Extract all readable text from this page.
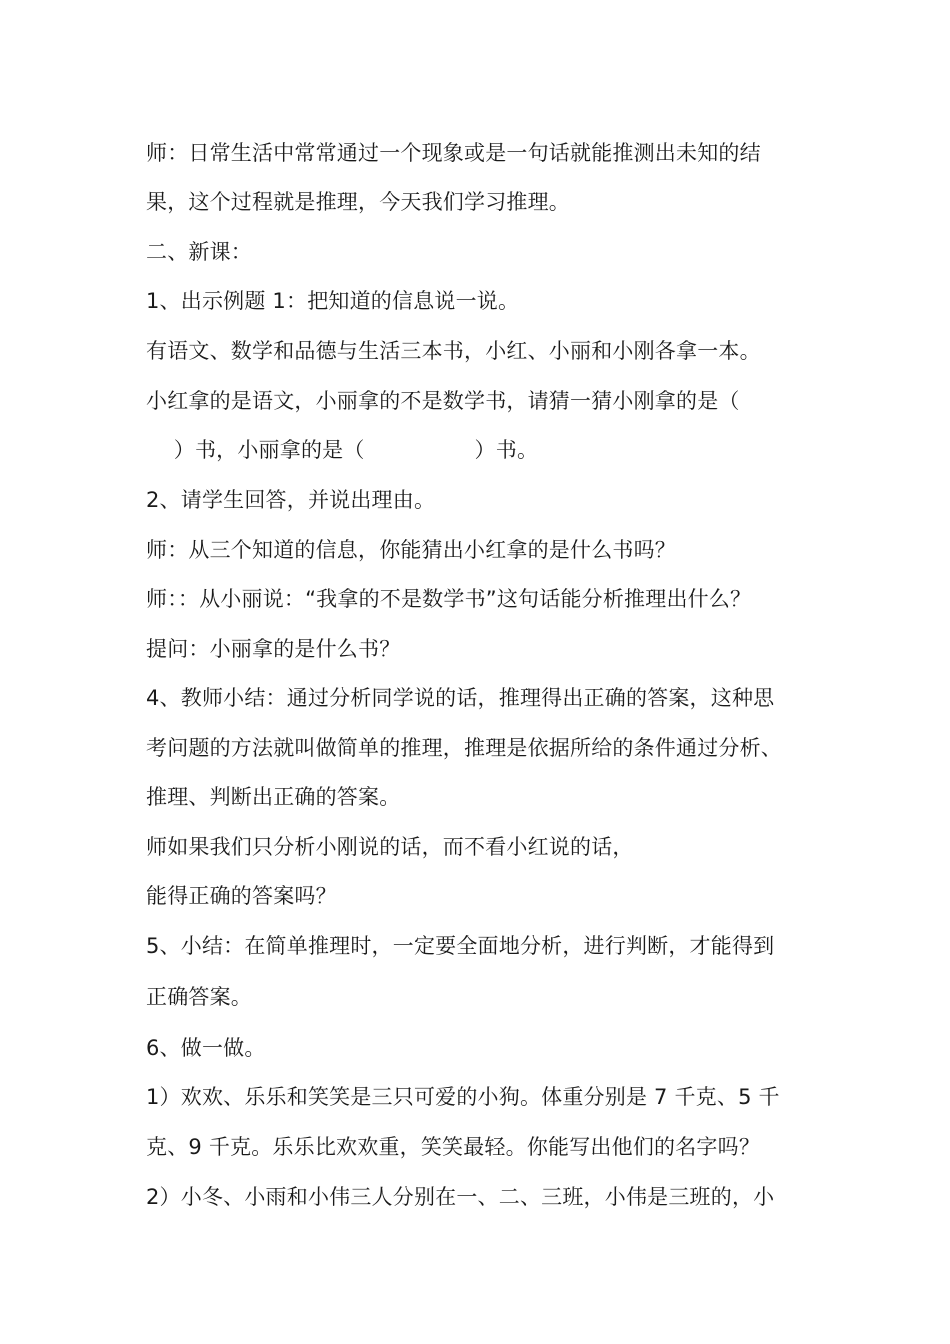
师：日常生活中常常通过一个现象或是一句话就能推测出未知的结
果，这个过程就是推理，今天我们学习推理。
二、新课：
1、出示例题 1：把知道的信息说一说。
有语文、数学和品德与生活三本书，小红、小丽和小刚各拿一本。
小红拿的是语文，小丽拿的不是数学书，请猜一猜小刚拿的是（
）书，小丽拿的是（                ）书。
2、请学生回答，并说出理由。
师：从三个知道的信息，你能猜出小红拿的是什么书吗？
师：：从小丽说：“我拿的不是数学书”这句话能分析推理出什么？
提问：小丽拿的是什么书？
4、教师小结：通过分析同学说的话，推理得出正确的答案，这种思
考问题的方法就叫做简单的推理，推理是依据所给的条件通过分析、
推理、判断出正确的答案。
师如果我们只分析小刚说的话，而不看小红说的话，
能得正确的答案吗？
5、小结：在简单推理时，一定要全面地分析，进行判断，才能得到
正确答案。
6、做一做。
1）欢欢、乐乐和笑笑是三只可爱的小狗。体重分别是 7 千克、5 千
克、9 千克。乐乐比欢欢重，笑笑最轻。你能写出他们的名字吗？
2）小冬、小雨和小伟三人分别在一、二、三班，小伟是三班的，小
